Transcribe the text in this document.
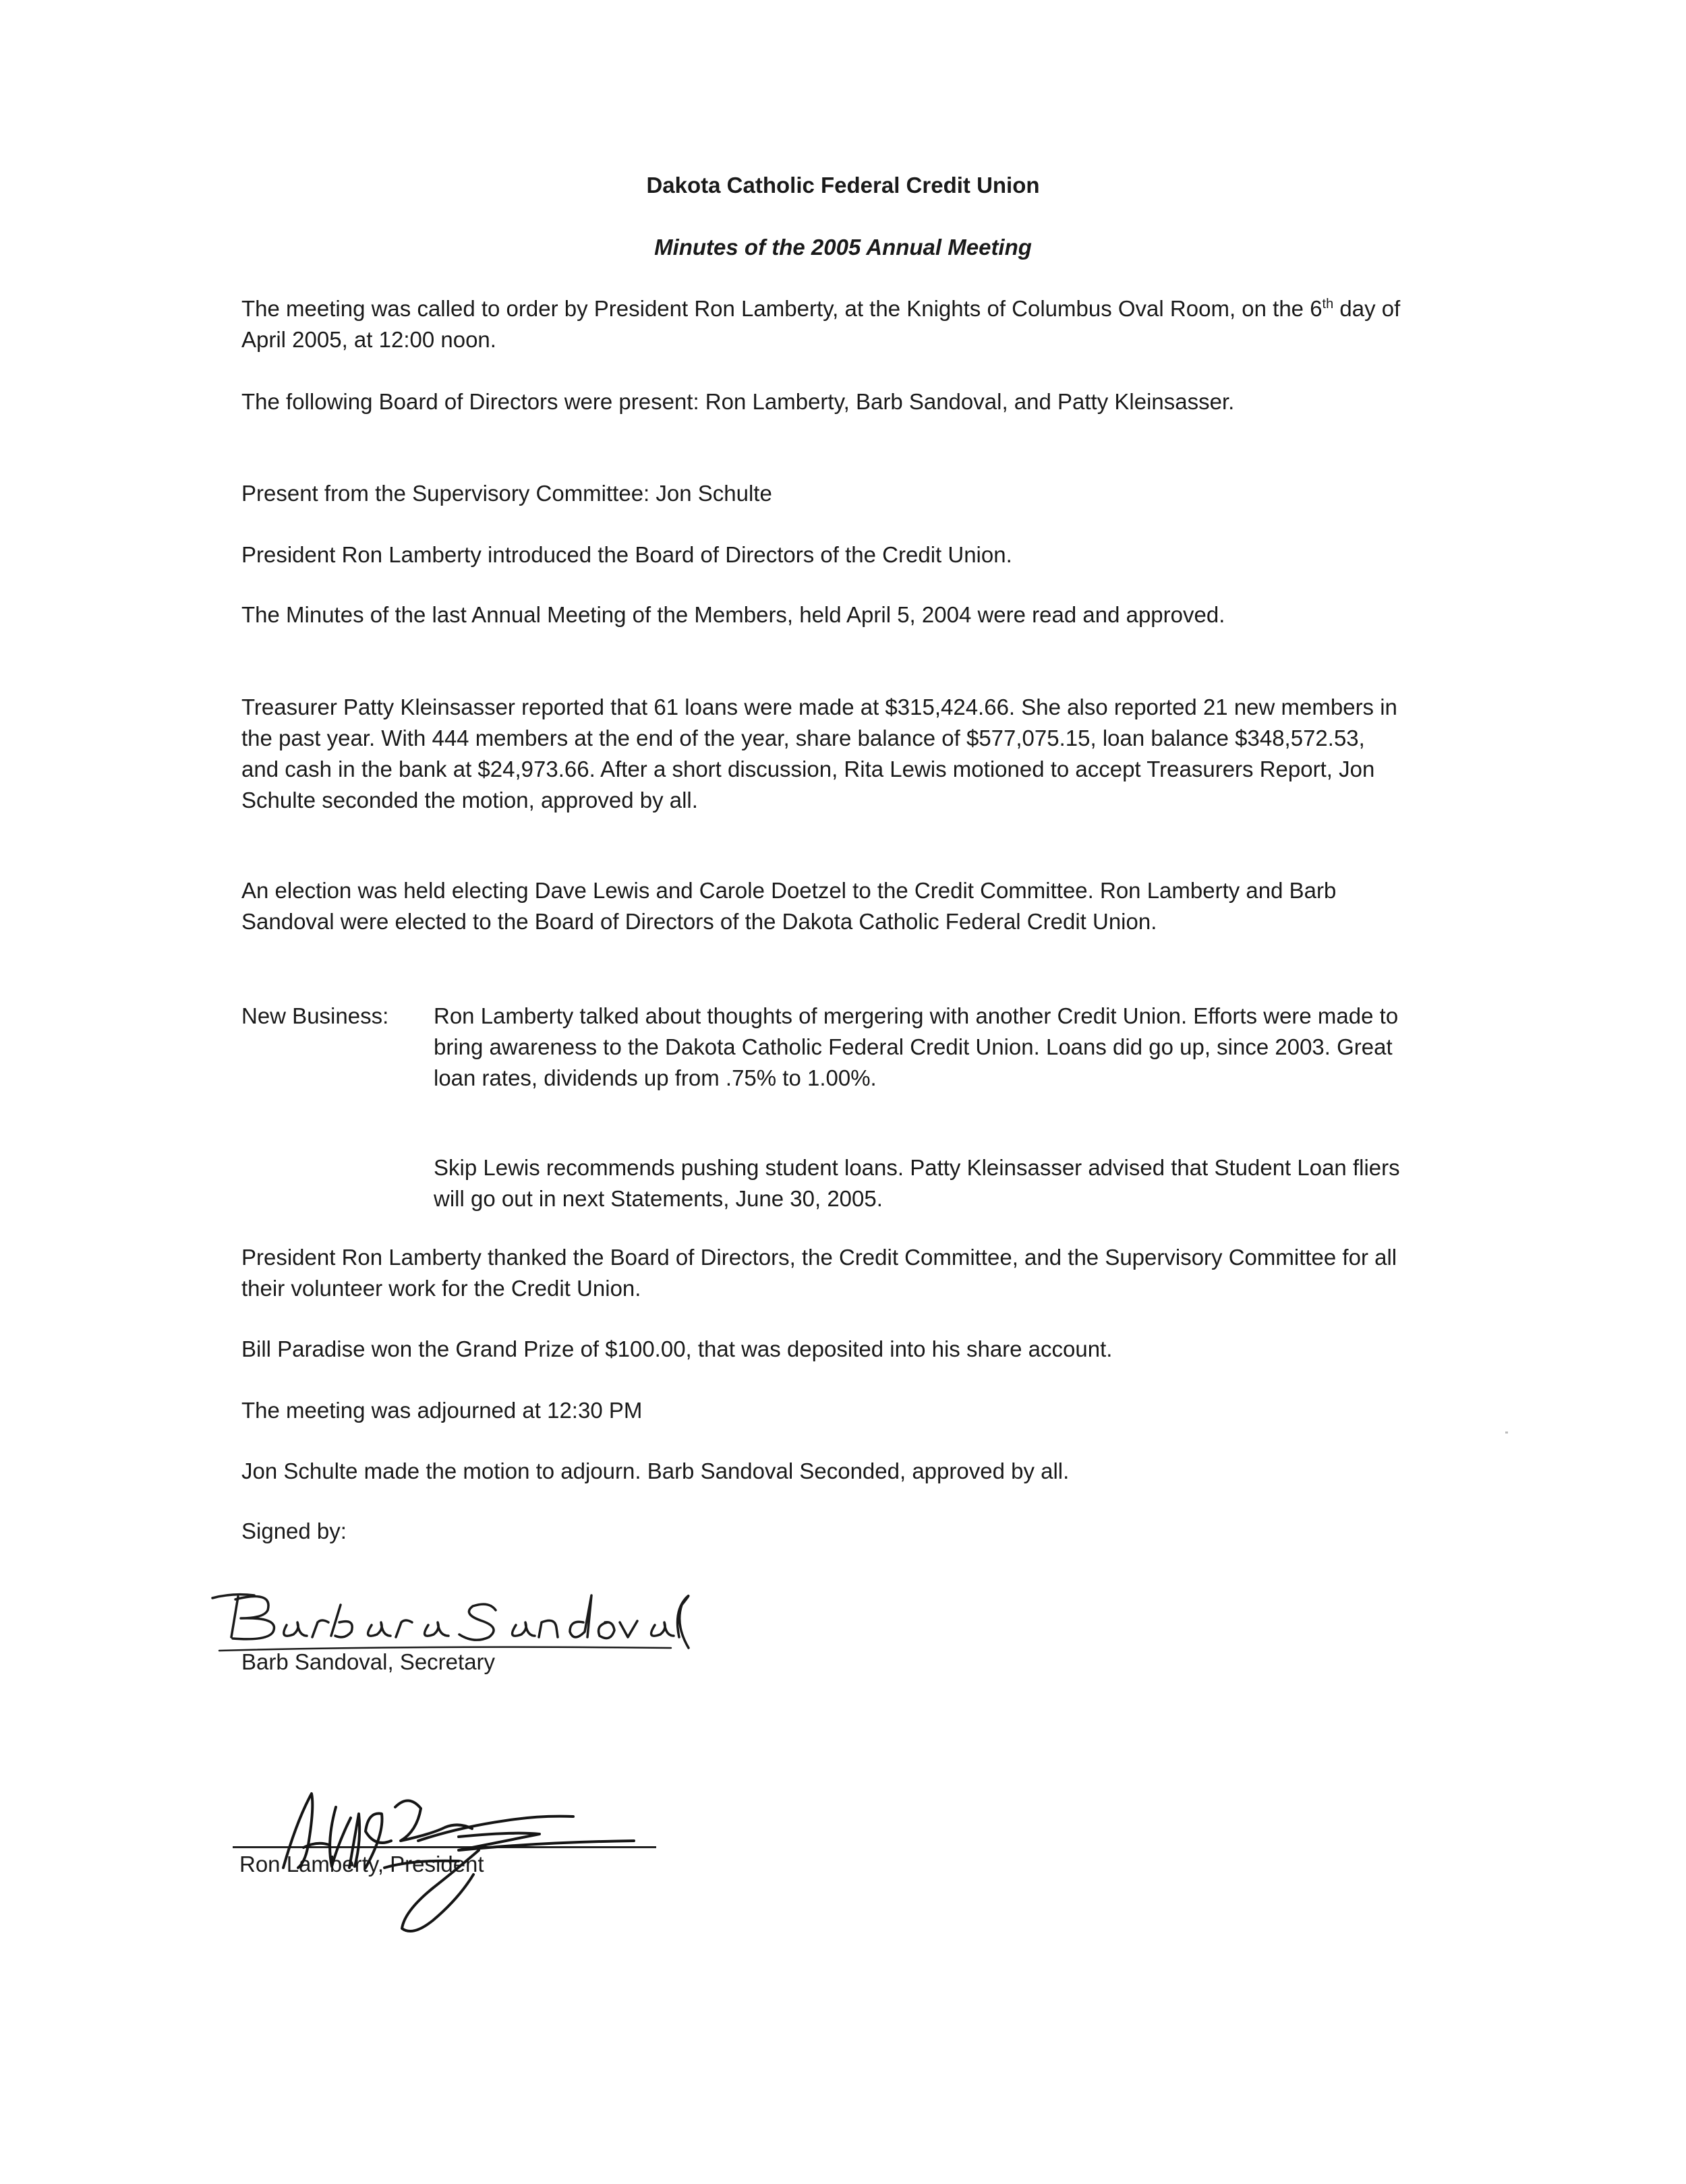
Dakota Catholic Federal Credit Union
Minutes of the 2005 Annual Meeting

The meeting was called to order by President Ron Lamberty, at the Knights of Columbus Oval Room, on the 6th day of April 2005, at 12:00 noon.

The following Board of Directors were present: Ron Lamberty, Barb Sandoval, and Patty Kleinsasser.

Present from the Supervisory Committee: Jon Schulte

President Ron Lamberty introduced the Board of Directors of the Credit Union.

The Minutes of the last Annual Meeting of the Members, held April 5, 2004 were read and approved.

Treasurer Patty Kleinsasser reported that 61 loans were made at $315,424.66. She also reported 21 new members in the past year. With 444 members at the end of the year, share balance of $577,075.15, loan balance $348,572.53, and cash in the bank at $24,973.66. After a short discussion, Rita Lewis motioned to accept Treasurers Report, Jon Schulte seconded the motion, approved by all.

An election was held electing Dave Lewis and Carole Doetzel to the Credit Committee. Ron Lamberty and Barb Sandoval were elected to the Board of Directors of the Dakota Catholic Federal Credit Union.

New Business: Ron Lamberty talked about thoughts of mergering with another Credit Union. Efforts were made to bring awareness to the Dakota Catholic Federal Credit Union. Loans did go up, since 2003. Great loan rates, dividends up from .75% to 1.00%.

Skip Lewis recommends pushing student loans. Patty Kleinsasser advised that Student Loan fliers will go out in next Statements, June 30, 2005.

President Ron Lamberty thanked the Board of Directors, the Credit Committee, and the Supervisory Committee for all their volunteer work for the Credit Union.

Bill Paradise won the Grand Prize of $100.00, that was deposited into his share account.

The meeting was adjourned at 12:30 PM

Jon Schulte made the motion to adjourn. Barb Sandoval Seconded, approved by all.

Signed by:

Barb Sandoval, Secretary
Ron Lamberty, President
